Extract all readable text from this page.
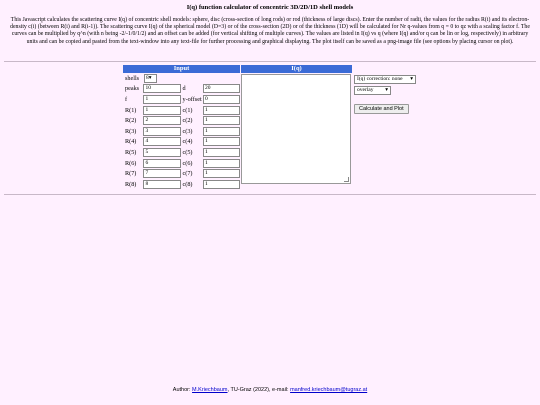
I(q) function calculator of concentric 3D/2D/1D shell models
This Javascript calculates the scattering curve I(q) of concentric shell models: sphere, disc (cross-section of long rods) or rod (thickness of large discs). Enter the number of radii, the values for the radius R(i) and its electron-density c(i) (between R(i) and R(i-1)). The scattering curve I(q) of the spherical model (D=3) or of the cross-section (2D) or of the thickness (1D) will be calculated for Nr q-values from q = 0 to qz with a scaling factor f. The curves can be multiplied by q^n (with n being -2/-1/0/1/2) and an offset can be added (for vertical shifting of multiple curves). The values are listed in I(q) vs q (where I(q) and/or q can be lin or log, respectively) in arbitrary units and can be copied and pasted from the text-window into any text-file for further processing and graphical displaying. The plot itself can be saved as a png-image file (see options by placing cursor on plot).
Input
shells	8▾
peaks	10	d	20
f	1	y-offset 0
R(1)	1	c(1)	1
R(2)	2	c(2)	1
R(3)	3	c(3)	1
R(4)	4	c(4)	1
R(5)	5	c(5)	1
R(6)	6	c(6)	1
R(7)	7	c(7)	1
R(8)	8	c(8)	1
I(q)
I(q) correction: none ▾
overlay ▾
Calculate and Plot
Author: M.Kriechbaum, TU-Graz (2022), e-mail: manfred.kriechbaum@tugraz.at
